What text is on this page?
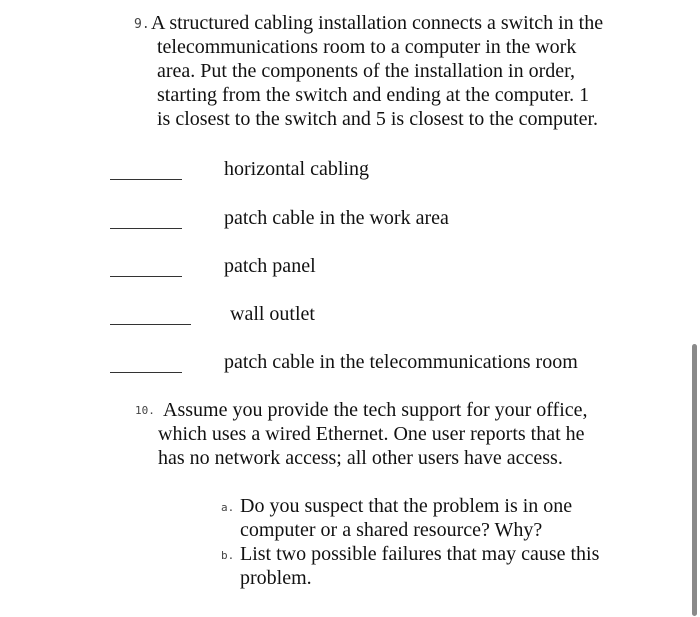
9. A structured cabling installation connects a switch in the
telecommunications room to a computer in the work
area. Put the components of the installation in order,
starting from the switch and ending at the computer. 1
is closest to the switch and 5 is closest to the computer.
horizontal cabling
patch cable in the work area
patch panel
wall outlet
patch cable in the telecommunications room
10. Assume you provide the tech support for your office,
which uses a wired Ethernet. One user reports that he
has no network access; all other users have access.
a. Do you suspect that the problem is in one
computer or a shared resource? Why?
b. List two possible failures that may cause this
problem.
